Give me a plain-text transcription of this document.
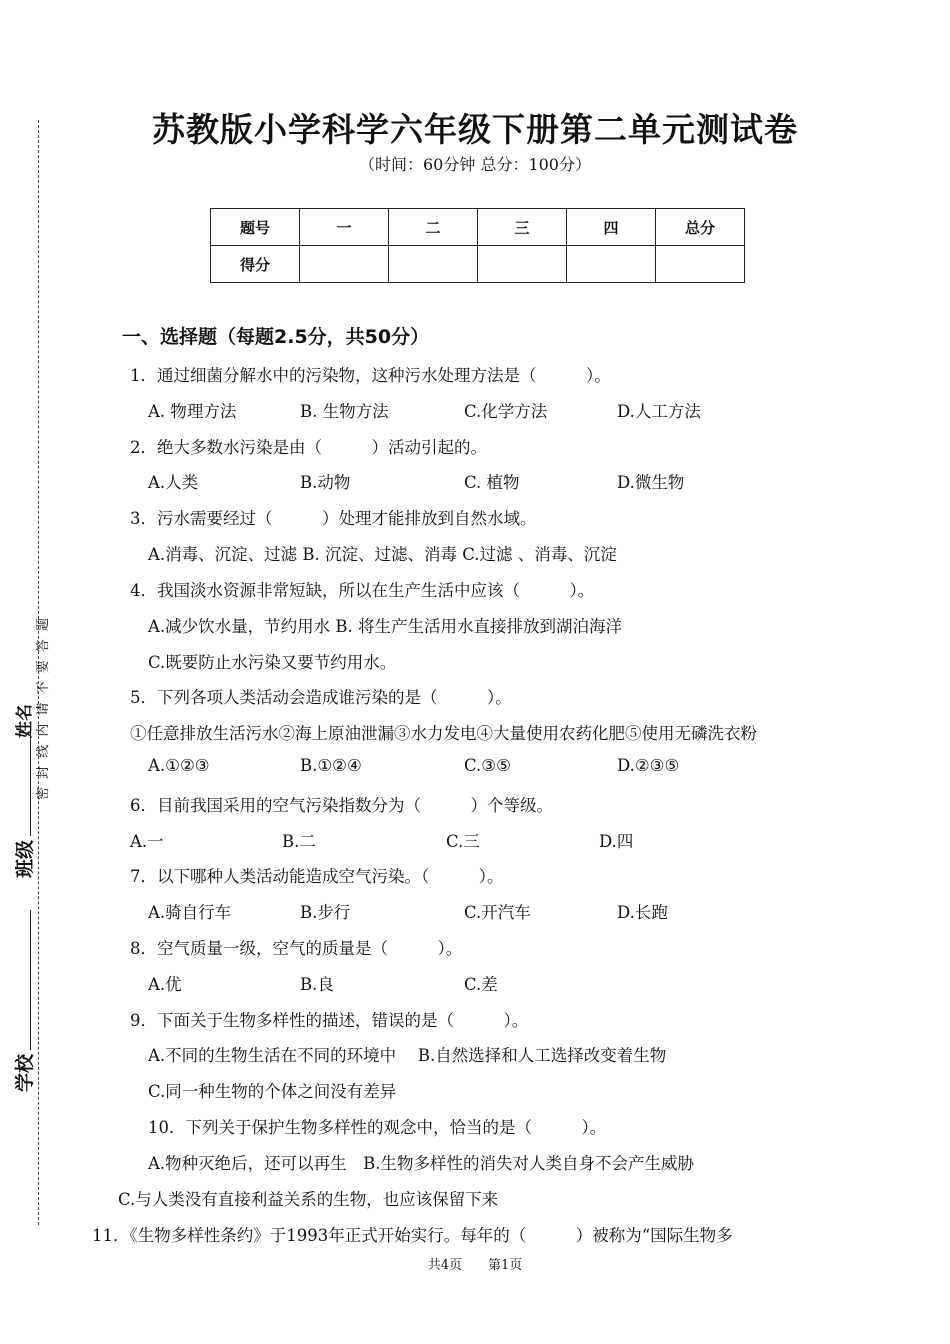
学校
班级
姓名 密 封 线 内 请 不 要 答 题
苏教版小学科学六年级下册第二单元测试卷
（时间：60分钟 总分：100分）
题号	一	二	三	四	总分
得分					
一、选择题（每题2.5分，共50分）
1．通过细菌分解水中的污染物，这种污水处理方法是（　　　）。
A. 物理方法	B. 生物方法	C.化学方法	D.人工方法
2．绝大多数水污染是由（　　　）活动引起的。
A.人类	B.动物	C. 植物	D.微生物
3．污水需要经过（　　　）处理才能排放到自然水域。
A.消毒、沉淀、过滤 B. 沉淀、过滤、消毒 C.过滤 、消毒、沉淀
4．我国淡水资源非常短缺，所以在生产生活中应该（　　　）。
A.减少饮水量，节约用水 B. 将生产生活用水直接排放到湖泊海洋
C.既要防止水污染又要节约用水。
5．下列各项人类活动会造成谁污染的是（　　　）。
①任意排放生活污水②海上原油泄漏③水力发电④大量使用农药化肥⑤使用无磷洗衣粉
A.①②③	B.①②④	C.③⑤	D.②③⑤
6．目前我国采用的空气污染指数分为（　　　）个等级。
A.一	B.二	C.三	D.四
7．以下哪种人类活动能造成空气污染。（　　　）。
A.骑自行车	B.步行	C.开汽车	D.长跑
8．空气质量一级，空气的质量是（　　　）。
A.优	B.良	C.差
9．下面关于生物多样性的描述，错误的是（　　　）。
A.不同的生物生活在不同的环境中　 B.自然选择和人工选择改变着生物
C.同一种生物的个体之间没有差异
10．下列关于保护生物多样性的观念中，恰当的是（　　　）。
A.物种灭绝后，还可以再生　B.生物多样性的消失对人类自身不会产生威胁
C.与人类没有直接利益关系的生物，也应该保留下来
11．《生物多样性条约》于1993年正式开始实行。每年的（　　　）被称为“国际生物多
共4页　　第1页
